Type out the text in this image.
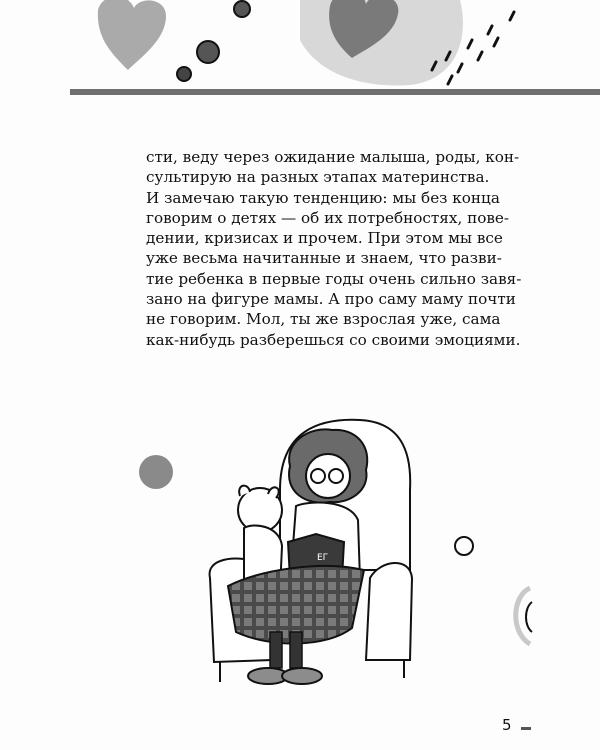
сти, веду через ожидание малыша, роды, кон-
сультирую на разных этапах материнства.
И замечаю такую тенденцию: мы без конца
говорим о детях — об их потребностях, пове-
дении, кризисах и прочем. При этом мы все
уже весьма начитанные и знаем, что разви-
тие ребенка в первые годы очень сильно завя-
зано на фигуре мамы. А про саму маму почти
не говорим. Мол, ты же взрослая уже, сама
как-нибудь разберешься со своими эмоциями.
ЕГ
5
